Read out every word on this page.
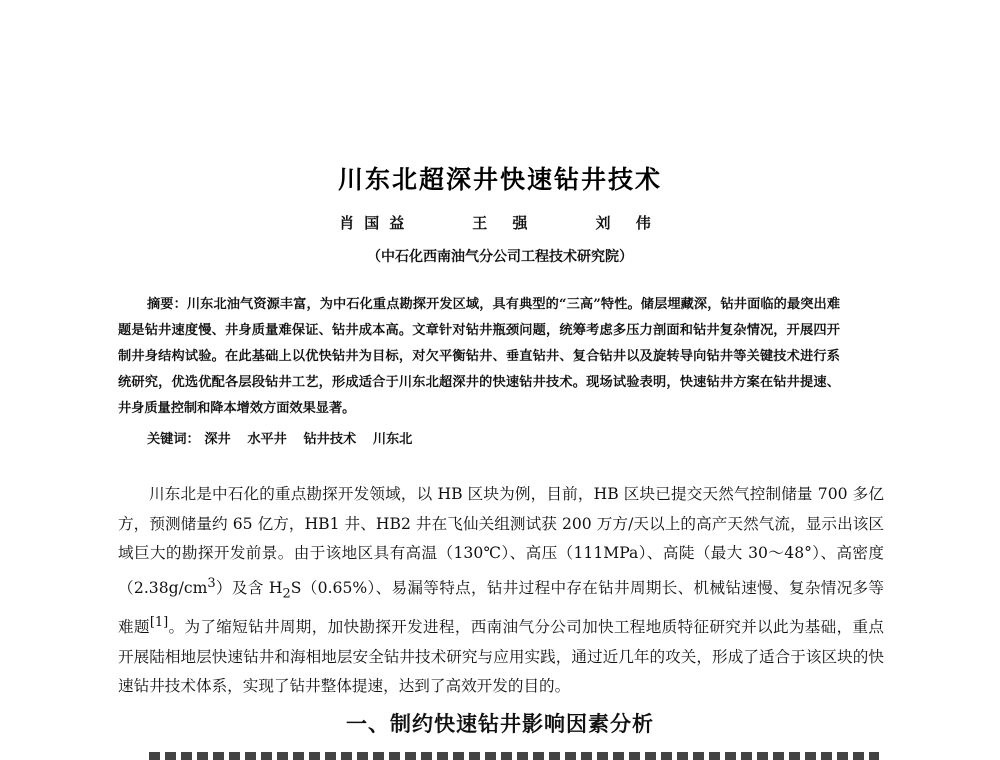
川东北超深井快速钻井技术
肖国益	王 强	刘 伟
（中石化西南油气分公司工程技术研究院）

摘要：川东北油气资源丰富，为中石化重点勘探开发区域，具有典型的“三高”特性。储层埋藏深，钻井面临的最突出难题是钻井速度慢、井身质量难保证、钻井成本高。文章针对钻井瓶颈问题，统筹考虑多压力剖面和钻井复杂情况，开展四开制井身结构试验。在此基础上以优快钻井为目标，对欠平衡钻井、垂直钻井、复合钻井以及旋转导向钻井等关键技术进行系统研究，优选优配各层段钻井工艺，形成适合于川东北超深井的快速钻井技术。现场试验表明，快速钻井方案在钻井提速、井身质量控制和降本增效方面效果显著。

关键词： 深井 水平井 钻井技术 川东北

川东北是中石化的重点勘探开发领域，以 HB 区块为例，目前，HB 区块已提交天然气控制储量 700 多亿方，预测储量约 65 亿方，HB1 井、HB2 井在飞仙关组测试获 200 万方/天以上的高产天然气流，显示出该区域巨大的勘探开发前景。由于该地区具有高温（130℃）、高压（111MPa）、高陡（最大 30～48°）、高密度$(2.38g/cm^3)$及含 $H_2S(0.65\%)$、易漏等特点，钻井过程中存在钻井周期长、机械钻速慢、复杂情况多等难题[1]。为了缩短钻井周期，加快勘探开发进程，西南油气分公司加快工程地质特征研究并以此为基础，重点开展陆相地层快速钻井和海相地层安全钻井技术研究与应用实践，通过近几年的攻关，形成了适合于该区块的快速钻井技术体系，实现了钻井整体提速，达到了高效开发的目的。

一、制约快速钻井影响因素分析
